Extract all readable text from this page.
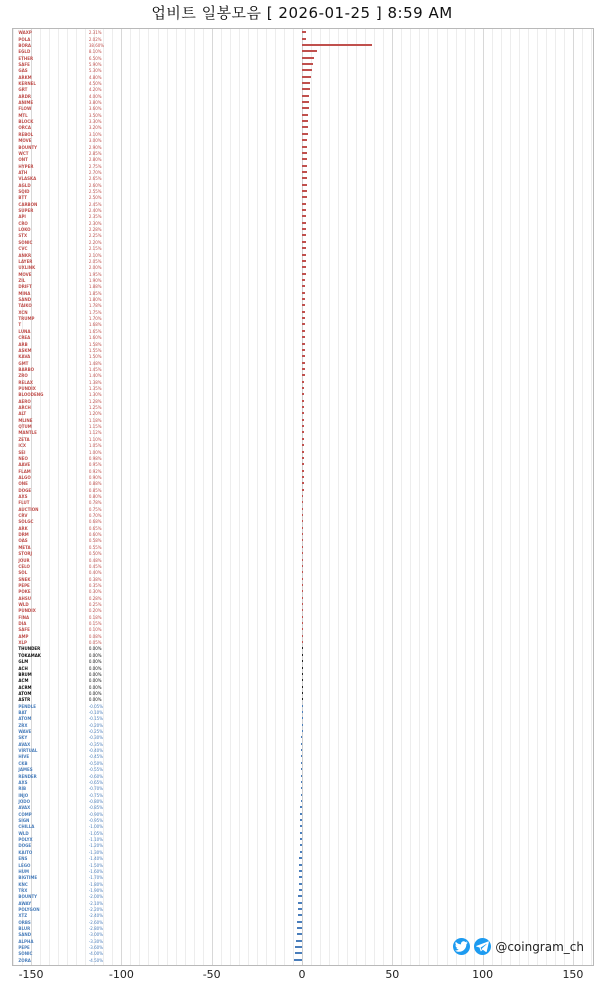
업비트 일봉모음 [ 2026-01-25 ] 8:59 AM
WAXP	2.31%
POLA	2.02%
BORA	38.60%
EGLD	8.10%
ETHER	6.50%
SAFE	5.90%
GAS	5.30%
ARKM	4.80%
KERNEL	4.50%
GRT	4.20%
ARDR	4.00%
ANIME	3.80%
FLOW	3.60%
MTL	3.50%
BLOCK	3.30%
ORCA	3.20%
REBOL	3.10%
MOVE	3.00%
BOUNTY	2.90%
WCT	2.85%
ONT	2.80%
HYPER	2.75%
ATH	2.70%
VLASKA	2.65%
AGLD	2.60%
SQID	2.55%
BTT	2.50%
CARBON	2.45%
SUPER	2.40%
API	2.35%
CRO	2.30%
LOKO	2.28%
STX	2.25%
SONIC	2.20%
CVC	2.15%
ANKR	2.10%
LAYER	2.05%
UXLINK	2.00%
MOVE	1.95%
ZIL	1.90%
DRIFT	1.88%
MINA	1.85%
SAND	1.80%
TAIKO	1.78%
XCN	1.75%
TRUMP	1.70%
T	1.68%
LUNA	1.65%
CREA	1.60%
ARB	1.58%
ASKM	1.55%
KAVA	1.50%
GMT	1.48%
BARBO	1.45%
ZRO	1.40%
RELAX	1.38%
PUNDIX	1.35%
BLOODENG	1.30%
AERO	1.28%
ARCH	1.25%
ALT	1.20%
MLINE	1.18%
QTUM	1.15%
MANTLE	1.12%
ZETA	1.10%
ICX	1.05%
SEI	1.00%
NEO	0.98%
AAVE	0.95%
FLAM	0.92%
ALGO	0.90%
ONE	0.88%
DOGE	0.85%
AXS	0.80%
FLUT	0.78%
AUCTION	0.75%
CRV	0.70%
SOLGC	0.68%
ARK	0.65%
DRM	0.60%
OAS	0.58%
META	0.55%
STORJ	0.50%
JOUR	0.48%
CELO	0.45%
SOL	0.40%
SNEK	0.38%
PEPE	0.35%
POKE	0.30%
AHSU	0.28%
WLD	0.25%
PUNDIX	0.20%
FINA	0.18%
DIA	0.15%
SAFE	0.10%
AMP	0.08%
XLP	0.05%
THUNDER	0.00%
TOKAMAK	0.00%
GLM	0.00%
ACH	0.00%
BRUM	0.00%
ACM	0.00%
ACRM	0.00%
ATOM	0.00%
ASTR	0.00%
PENDLE	-0.05%
BAT	-0.10%
ATOM	-0.15%
ZRX	-0.20%
WAVE	-0.25%
SKY	-0.30%
AVAX	-0.35%
VIRTUAL	-0.40%
HIVE	-0.45%
CKB	-0.50%
JAMES	-0.55%
RENDER	-0.60%
AXS	-0.65%
RIB	-0.70%
INJO	-0.75%
JODO	-0.80%
AVAX	-0.85%
COMP	-0.90%
SIGN	-0.95%
CHILLA	-1.00%
WLD	-1.05%
POLYX	-1.10%
DOGE	-1.20%
KAITO	-1.30%
ENS	-1.40%
LEGO	-1.50%
HUM	-1.60%
BIGTIME	-1.70%
KNC	-1.80%
TRX	-1.90%
BOUNTY	-2.00%
AWAY	-2.10%
POLYGON	-2.20%
XTZ	-2.40%
ORBS	-2.60%
BLUR	-2.80%
SAND	-3.00%
ALPHA	-3.30%
PEPE	-3.60%
SONIC	-4.00%
ZORA	-4.50%
-150	-100	-50	0	50	100	150
@coingram_ch
